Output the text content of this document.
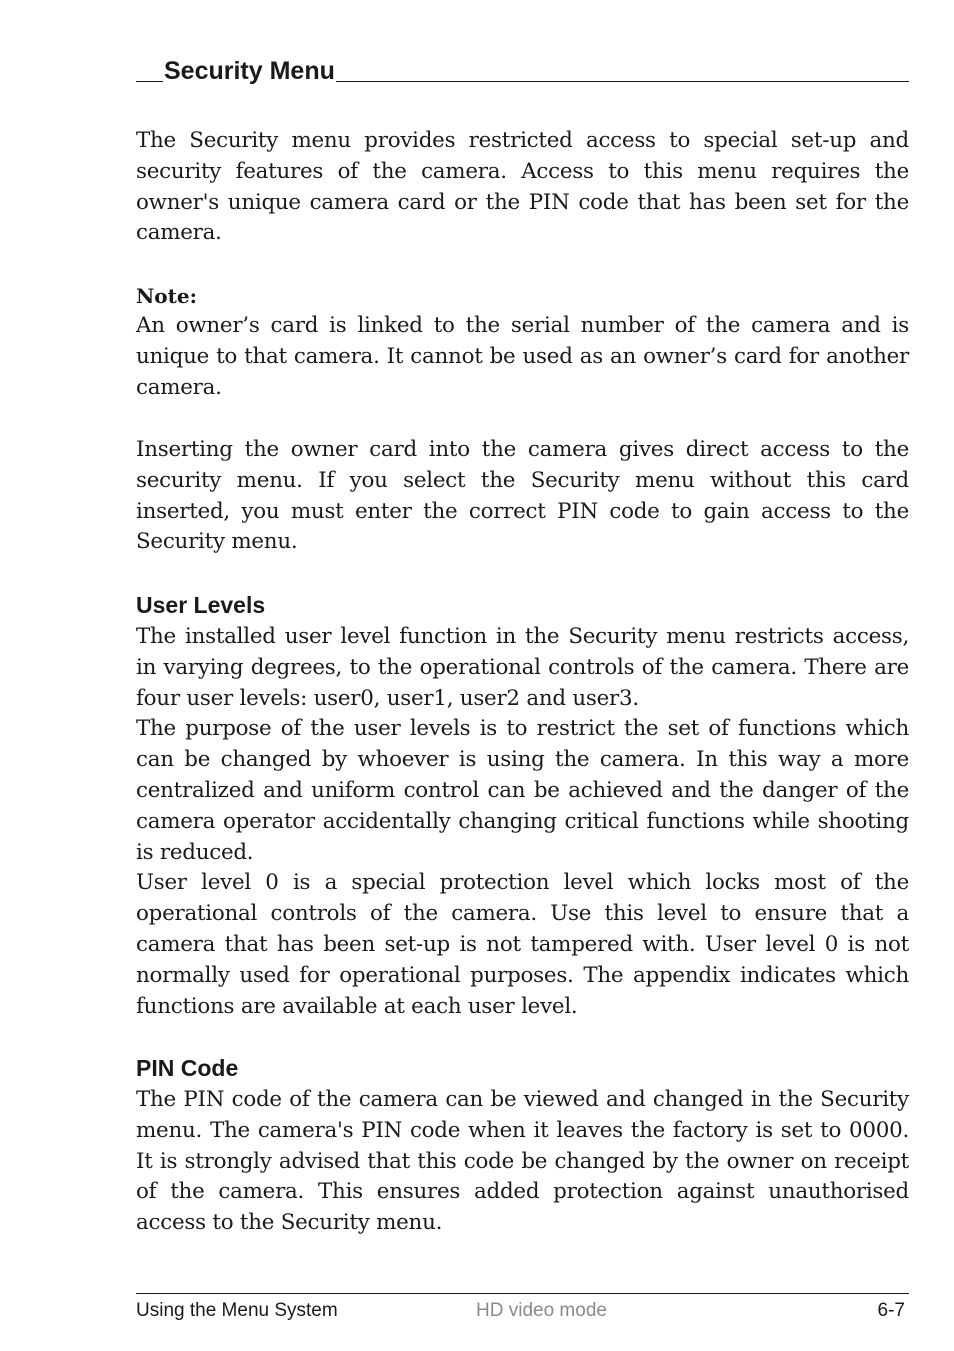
Security Menu

The Security menu provides restricted access to special set-up and security features of the camera. Access to this menu requires the owner's unique camera card or the PIN code that has been set for the camera.

Note:

An owner’s card is linked to the serial number of the camera and is unique to that camera. It cannot be used as an owner’s card for another camera.

Inserting the owner card into the camera gives direct access to the security menu. If you select the Security menu without this card inserted, you must enter the correct PIN code to gain access to the Security menu.

User Levels

The installed user level function in the Security menu restricts access, in varying degrees, to the operational controls of the camera. There are four user levels: user0, user1, user2 and user3.

The purpose of the user levels is to restrict the set of functions which can be changed by whoever is using the camera. In this way a more centralized and uniform control can be achieved and the danger of the camera operator accidentally changing critical functions while shooting is reduced.

User level 0 is a special protection level which locks most of the operational controls of the camera. Use this level to ensure that a camera that has been set-up is not tampered with. User level 0 is not normally used for operational purposes. The appendix indicates which functions are available at each user level.

PIN Code

The PIN code of the camera can be viewed and changed in the Security menu. The camera's PIN code when it leaves the factory is set to 0000. It is strongly advised that this code be changed by the owner on receipt of the camera. This ensures added protection against unauthorised access to the Security menu.

Using the Menu System	HD video mode	6-7
